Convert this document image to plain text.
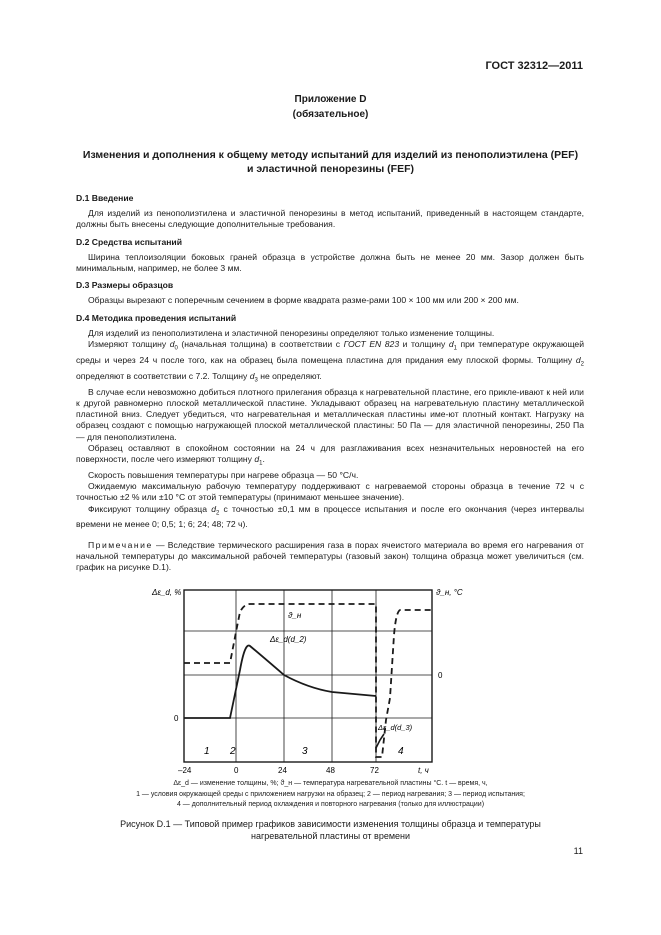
ГОСТ 32312—2011
Приложение D
(обязательное)
Изменения и дополнения к общему методу испытаний для изделий из пенополиэтилена (PEF)
и эластичной пенорезины (FEF)
D.1 Введение
Для изделий из пенополиэтилена и эластичной пенорезины в метод испытаний, приведенный в настоящем стандарте, должны быть внесены следующие дополнительные требования.
D.2 Средства испытаний
Ширина теплоизоляции боковых граней образца в устройстве должна быть не менее 20 мм. Зазор должен быть минимальным, например, не более 3 мм.
D.3 Размеры образцов
Образцы вырезают с поперечным сечением в форме квадрата разме-рами 100 × 100 мм или 200 × 200 мм.
D.4 Методика проведения испытаний
Для изделий из пенополиэтилена и эластичной пенорезины определяют только изменение толщины.
Измеряют толщину $d_0$ (начальная толщина) в соответствии с ГОСТ EN 823 и толщину $d_1$ при температуре окружающей среды и через 24 ч после того, как на образец была помещена пластина для придания ему плоской формы. Толщину $d_2$ определяют в соответствии с 7.2. Толщину $d_3$ не определяют.
В случае если невозможно добиться плотного прилегания образца к нагревательной пластине, его прикле-ивают к ней или к другой равномерно плоской металлической пластине. Укладывают образец на нагревательную пластину металлической пластиной вниз. Следует убедиться, что нагревательная и металлическая пластины име-ют плотный контакт. Нагрузку на образец создают с помощью нагружающей плоской металлической пластины: 50 Па — для эластичной пенорезины, 250 Па — для пенополиэтилена.
Образец оставляют в спокойном состоянии на 24 ч для разглаживания всех незначительных неровностей на его поверхности, после чего измеряют толщину $d_1$.
Скорость повышения температуры при нагреве образца — 50 °С/ч.
Ожидаемую максимальную рабочую температуру поддерживают с нагреваемой стороны образца в течение 72 ч с точностью ±2 % или ±10 °С от этой температуры (принимают меньшее значение).
Фиксируют толщину образца $d_2$ с точностью ±0,1 мм в процессе испытания и после его окончания (через интервалы времени не менее 0; 0,5; 1; 6; 24; 48; 72 ч).
Примечание — Вследствие термического расширения газа в порах ячеистого материала во время его нагревания от начальной температуры до максимальной рабочей температуры (газовый закон) толщина образца может увеличиться (см. график на рисунке D.1).
Δε_d, %	ϑ_н, °С
0
0
ϑ_н
Δε_d(d_2)
Δε_d(d_3)
1 2	3	4
–24	0	24	48	72	t, ч
Δε_d — изменение толщины, %; ϑ_н — температура нагревательной пластины °С. t — время, ч,
1 — условия окружающей среды с приложением нагрузки на образец; 2 — период нагревания; 3 — период испытания;
4 — дополнительный период охлаждения и повторного нагревания (только для иллюстрации)
Рисунок D.1 — Типовой пример графиков зависимости изменения толщины образца и температуры
нагревательной пластины от времени
11
